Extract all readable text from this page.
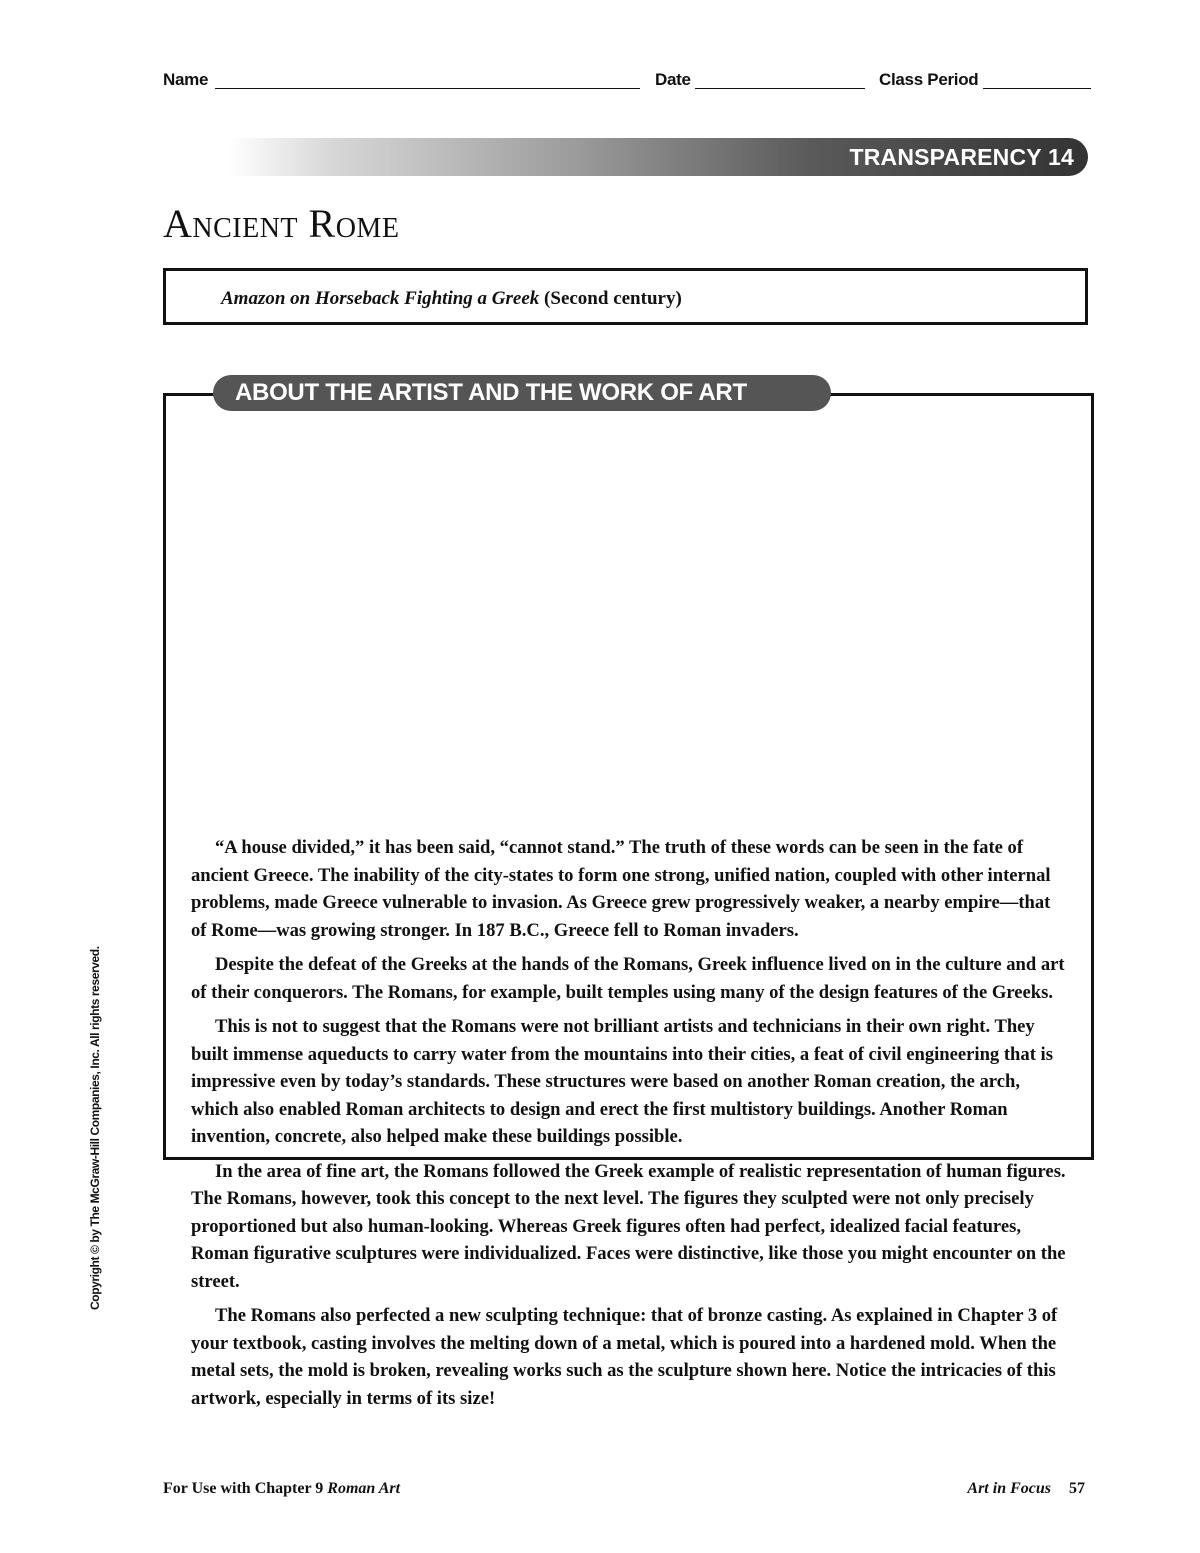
Name	Date	Class Period
TRANSPARENCY 14
Ancient Rome
Amazon on Horseback Fighting a Greek (Second century)

“A house divided,” it has been said, “cannot stand.” The truth of these words can be seen in the fate of ancient Greece. The inability of the city-states to form one strong, unified nation, coupled with other internal problems, made Greece vulnerable to invasion. As Greece grew progressively weaker, a nearby empire—that of Rome—was growing stronger. In 187 B.C., Greece fell to Roman invaders.

Despite the defeat of the Greeks at the hands of the Romans, Greek influence lived on in the culture and art of their conquerors. The Romans, for example, built temples using many of the design features of the Greeks.

This is not to suggest that the Romans were not brilliant artists and technicians in their own right. They built immense aqueducts to carry water from the mountains into their cities, a feat of civil engineering that is impressive even by today’s standards. These structures were based on another Roman creation, the arch, which also enabled Roman architects to design and erect the first multistory buildings. Another Roman invention, concrete, also helped make these buildings possible.

In the area of fine art, the Romans followed the Greek example of realistic representation of human figures. The Romans, however, took this concept to the next level. The figures they sculpted were not only precisely proportioned but also human-looking. Whereas Greek figures often had perfect, idealized facial features, Roman figurative sculptures were individualized. Faces were distinctive, like those you might encounter on the street.

The Romans also perfected a new sculpting technique: that of bronze casting. As explained in Chapter 3 of your textbook, casting involves the melting down of a metal, which is poured into a hardened mold. When the metal sets, the mold is broken, revealing works such as the sculpture shown here. Notice the intricacies of this artwork, especially in terms of its size!

ABOUT THE ARTIST AND THE WORK OF ART
Copyright © by The McGraw-Hill Companies, Inc. All rights reserved.
For Use with Chapter 9 Roman Art	Art in Focus 57
